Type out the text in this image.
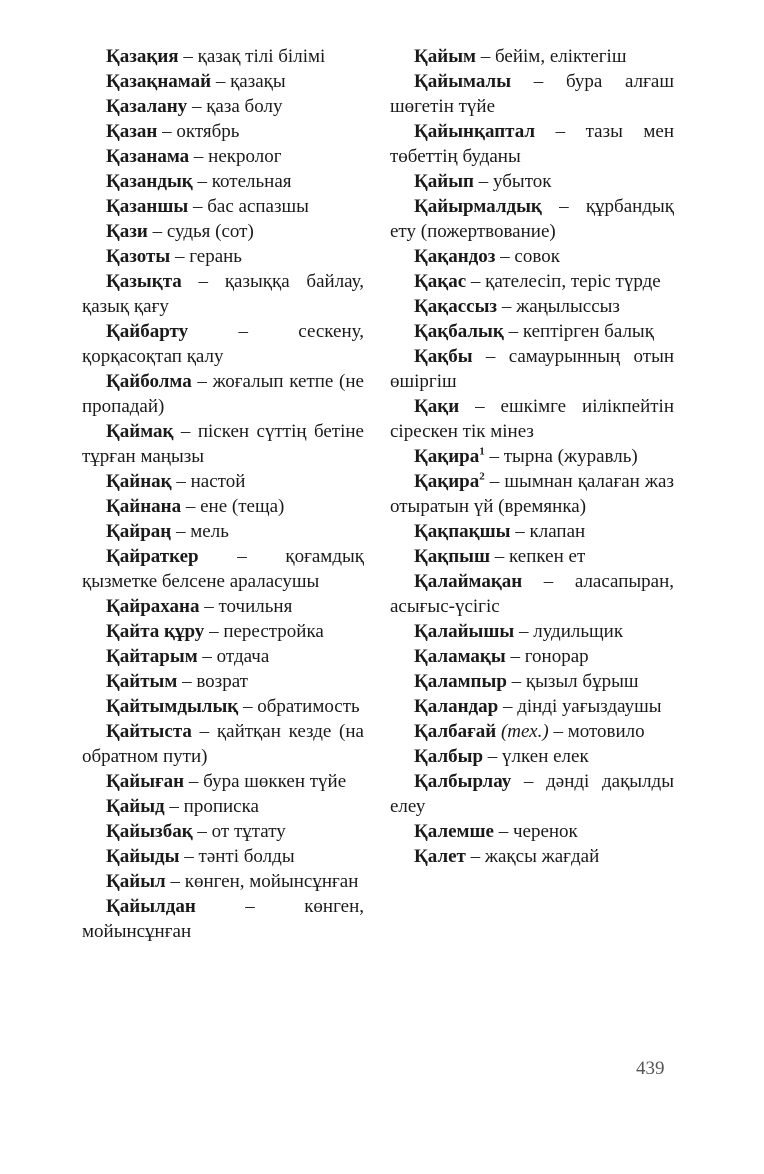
Қазақия – қазақ тілі білімі
Қазақнамай – қазақы
Қазалану – қаза болу
Қазан – октябрь
Қазанама – некролог
Қазандық – котельная
Қазаншы – бас аспазшы
Қази – судья (сот)
Қазоты – герань
Қазықта – қазыққа байлау, қазық қағу
Қайбарту – сескену, қорқасоқтап қалу
Қайболма – жоғалып кетпе (не пропадай)
Қаймақ – піскен сүттің бетіне тұрған маңызы
Қайнақ – настой
Қайнана – ене (теща)
Қайраң – мель
Қайраткер – қоғамдық қызметке белсене араласушы
Қайрахана – точильня
Қайта құру – перестройка
Қайтарым – отдача
Қайтым – возрат
Қайтымдылық – обратимость
Қайтыста – қайтқан кезде (на обратном пути)
Қайыған – бура шөккен түйе
Қайыд – прописка
Қайызбақ – от тұтату
Қайыды – тәнті болды
Қайыл – көнген, мойынсұнған
Қайылдан – көнген, мойынсұнған
Қайым – бейім, еліктегіш
Қайымалы – бура алғаш шөгетін түйе
Қайынқаптал – тазы мен төбеттің буданы
Қайып – убыток
Қайырмалдық – құрбандық ету (пожертвование)
Қақандоз – совок
Қақас – қателесіп, теріс түрде
Қақассыз – жаңылыссыз
Қақбалық – кептірген балық
Қақбы – самаурынның отын өшіргіш
Қақи – ешкімге иілікпейтін сірескен тік мінез
Қақира$^1$ – тырна (журавль)
Қақира$^2$ – шымнан қалаған жаз отыратын үй (времянка)
Қақпақшы – клапан
Қақпыш – кепкен ет
Қалаймақан – аласапыран, асығыс-үсігіс
Қалайышы – лудильщик
Қаламақы – гонорар
Қалампыр – қызыл бұрыш
Қаландар – дінді уағыздаушы
Қалбағай (тех.) – мотовило
Қалбыр – үлкен елек
Қалбырлау – дәнді дақылды елеу
Қалемше – черенок
Қалет – жақсы жағдай
439
